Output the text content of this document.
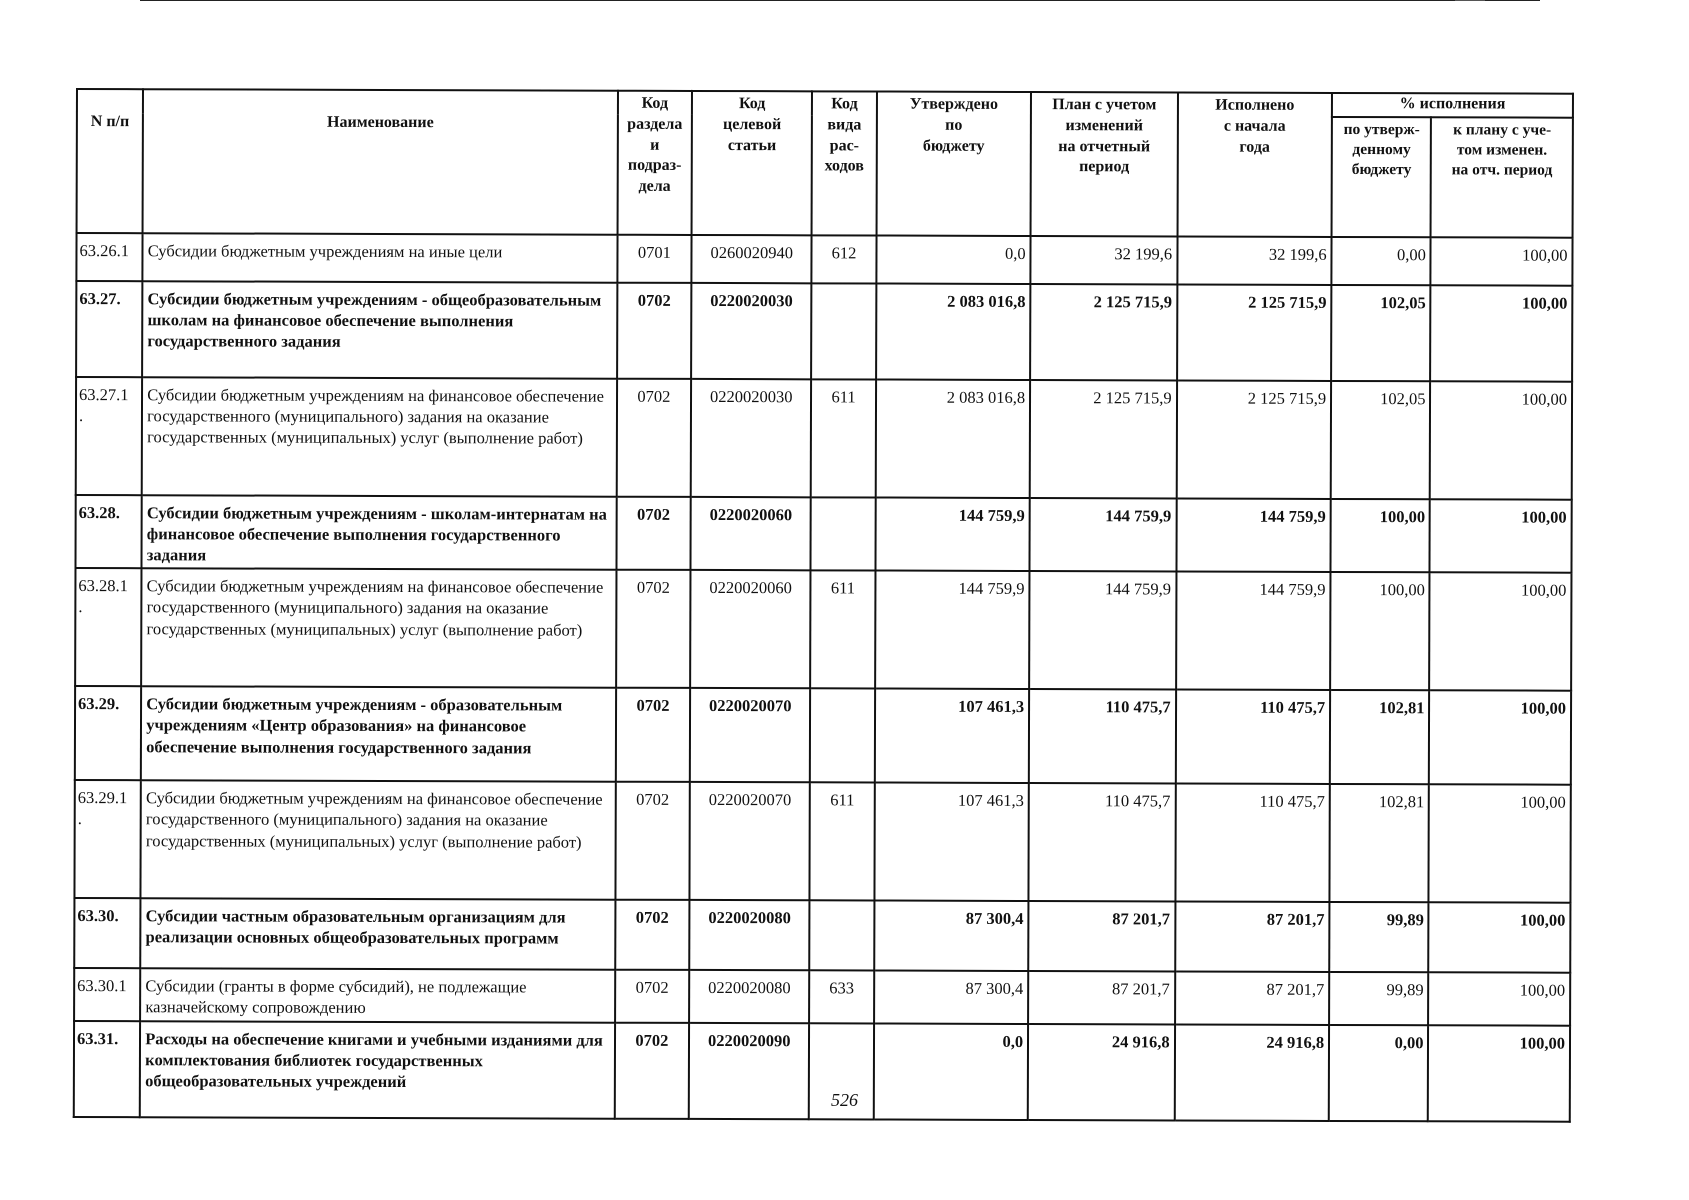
N п/п	Наименование	Код
раздела
и
подраз-
дела	Код
целевой
статьи	Код
вида
рас-
ходов	Утверждено
по
бюджету	План с учетом
изменений
на отчетный
период	Исполнено
с начала
года	% исполнения	
								по утверж-
денному
бюджету	к плану с уче-
том изменен.
на отч. период
63.26.1	Субсидии бюджетным учреждениям на иные цели	0701	0260020940	612	0,0	32 199,6	32 199,6	0,00	100,00
63.27.	Субсидии бюджетным учреждениям - общеобразовательным школам на финансовое обеспечение выполнения государственного задания	0702	0220020030		2 083 016,8	2 125 715,9	2 125 715,9	102,05	100,00
63.27.1
.	Субсидии бюджетным учреждениям на финансовое обеспечение государственного (муниципального) задания на оказание государственных (муниципальных) услуг (выполнение работ)	0702	0220020030	611	2 083 016,8	2 125 715,9	2 125 715,9	102,05	100,00
63.28.	Субсидии бюджетным учреждениям - школам-интернатам на финансовое обеспечение выполнения государственного задания	0702	0220020060		144 759,9	144 759,9	144 759,9	100,00	100,00
63.28.1
.	Субсидии бюджетным учреждениям на финансовое обеспечение государственного (муниципального) задания на оказание государственных (муниципальных) услуг (выполнение работ)	0702	0220020060	611	144 759,9	144 759,9	144 759,9	100,00	100,00
63.29.	Субсидии бюджетным учреждениям - образовательным учреждениям «Центр образования» на финансовое обеспечение выполнения государственного задания	0702	0220020070		107 461,3	110 475,7	110 475,7	102,81	100,00
63.29.1
.	Субсидии бюджетным учреждениям на финансовое обеспечение государственного (муниципального) задания на оказание государственных (муниципальных) услуг (выполнение работ)	0702	0220020070	611	107 461,3	110 475,7	110 475,7	102,81	100,00
63.30.	Субсидии частным образовательным организациям для реализации основных общеобразовательных программ	0702	0220020080		87 300,4	87 201,7	87 201,7	99,89	100,00
63.30.1	Субсидии (гранты в форме субсидий), не подлежащие казначейскому сопровождению	0702	0220020080	633	87 300,4	87 201,7	87 201,7	99,89	100,00
63.31.	Расходы на обеспечение книгами и учебными изданиями для комплектования библиотек государственных общеобразовательных учреждений	0702	0220020090		0,0	24 916,8	24 916,8	0,00	100,00
526
